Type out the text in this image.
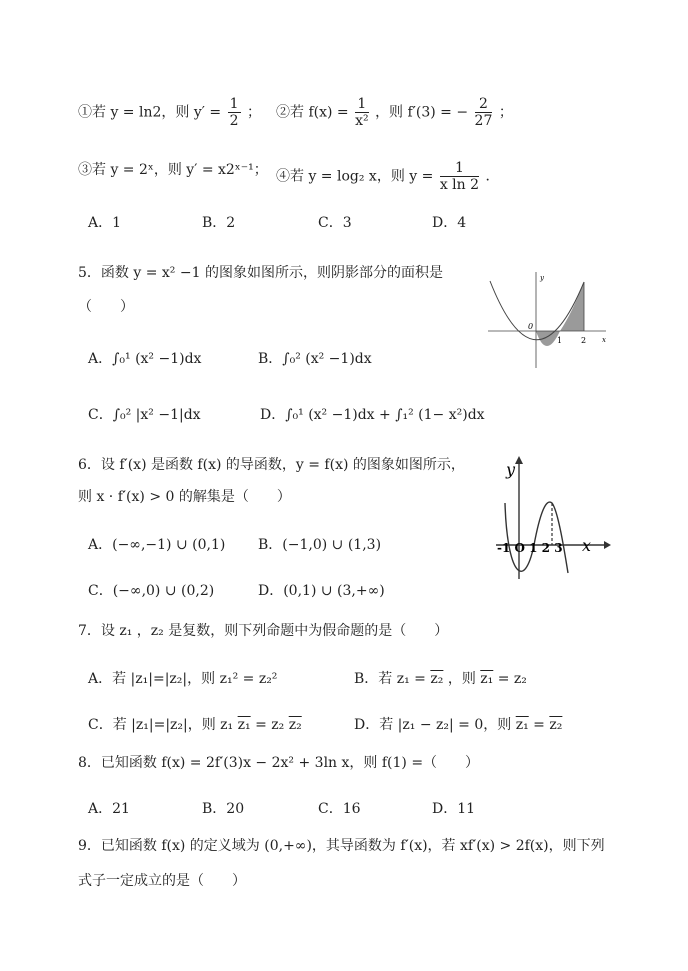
①若 y = ln2，则 $y' = \frac{1}{2}$ ； ②若 $f(x) = \frac{1}{\text{x²}}$ ，则 f′(3) = − $\frac{2}{27}$ ；
③若 y = 2ˣ，则 y′ = x2ˣ⁻¹； ④若 y = log₂ x，则 $y = \frac{1}{\text{x ln 2}}$ ．
A．1	B．2	C．3	D．4
5．函数 y = x² −1 的图象如图所示，则阴影部分的面积是
（　　）
A．∫₀¹ (x² −1)dx	B．∫₀² (x² −1)dx
C．∫₀² |x² −1|dx	D．∫₀¹ (x² −1)dx + ∫₁² (1− x²)dx
y
x
0
1 2
6．设 f′(x) 是函数 f(x) 的导函数，y = f(x) 的图象如图所示，
则 x · f′(x) > 0 的解集是（　　）
A．(−∞,−1) ∪ (0,1) B．(−1,0) ∪ (1,3)
C．(−∞,0) ∪ (0,2)	D．(0,1) ∪ (3,+∞)
y
x
-1 O 1 2 3
7．设 z₁ ，z₂ 是复数，则下列命题中为假命题的是（　　）
A．若 |z₁|=|z₂|，则 z₁² = z₂²	B．若 z₁ = z₂ ，则 z₁ = z₂
C．若 |z₁|=|z₂|，则 z₁ z₁ = z₂ z₂	D．若 |z₁ − z₂| = 0，则 z₁ = z₂
8．已知函数 f(x) = 2f′(3)x − 2x² + 3ln x，则 f(1) =（　　）
A．21	B．20	C．16	D．11
9．已知函数 f(x) 的定义域为 (0,+∞)，其导函数为 f′(x)，若 xf′(x) > 2f(x)，则下列
式子一定成立的是（　　）
